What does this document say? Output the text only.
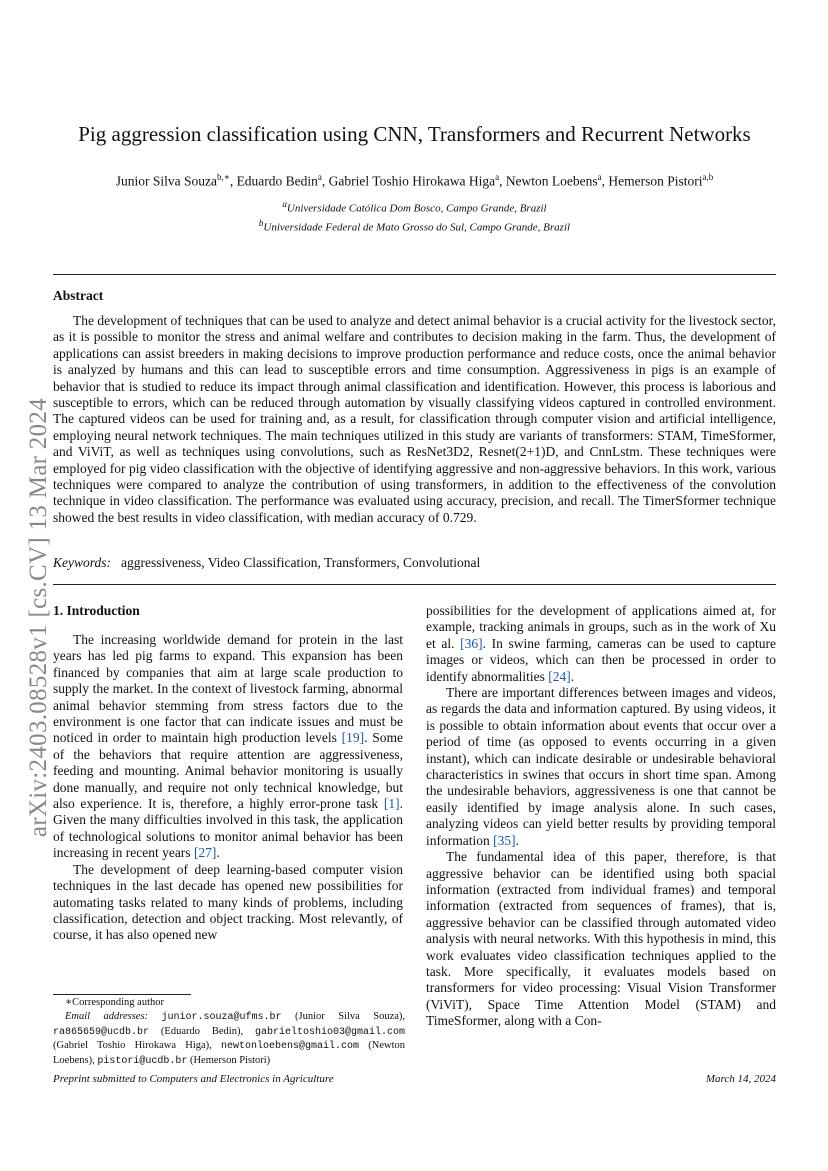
arXiv:2403.08528v1 [cs.CV] 13 Mar 2024
Pig aggression classification using CNN, Transformers and Recurrent Networks
Junior Silva Souza$^{b,∗}$, Eduardo Bedin$^a$, Gabriel Toshio Hirokawa Higa$^a$, Newton Loebens$^a$, Hemerson Pistori$^{a,b}$
$^a$Universidade Católica Dom Bosco, Campo Grande, Brazil
$^b$Universidade Federal de Mato Grosso do Sul, Campo Grande, Brazil
Abstract

The development of techniques that can be used to analyze and detect animal behavior is a crucial activity for the livestock sector, as it is possible to monitor the stress and animal welfare and contributes to decision making in the farm. Thus, the development of applications can assist breeders in making decisions to improve production performance and reduce costs, once the animal behavior is analyzed by humans and this can lead to susceptible errors and time consumption. Aggressiveness in pigs is an example of behavior that is studied to reduce its impact through animal classification and identification. However, this process is laborious and susceptible to errors, which can be reduced through automation by visually classifying videos captured in controlled environment. The captured videos can be used for training and, as a result, for classification through computer vision and artificial intelligence, employing neural network techniques. The main techniques utilized in this study are variants of transformers: STAM, TimeSformer, and ViViT, as well as techniques using convolutions, such as ResNet3D2, Resnet(2+1)D, and CnnLstm. These techniques were employed for pig video classification with the objective of identifying aggressive and non-aggressive behaviors. In this work, various techniques were compared to analyze the contribution of using transformers, in addition to the effectiveness of the convolution technique in video classification. The performance was evaluated using accuracy, precision, and recall. The TimerSformer technique showed the best results in video classification, with median accuracy of 0.729.

Keywords: aggressiveness, Video Classification, Transformers, Convolutional
1. Introduction

The increasing worldwide demand for protein in the last years has led pig farms to expand. This expansion has been financed by companies that aim at large scale production to supply the market. In the context of livestock farming, abnormal animal behavior stemming from stress factors due to the environment is one factor that can indicate issues and must be noticed in order to maintain high production levels [19]. Some of the behaviors that require attention are aggressiveness, feeding and mounting. Animal behavior monitoring is usually done manually, and require not only technical knowledge, but also experience. It is, therefore, a highly error-prone task [1]. Given the many difficulties involved in this task, the application of technological solutions to monitor animal behavior has been increasing in recent years [27].

The development of deep learning-based computer vision techniques in the last decade has opened new possibilities for automating tasks related to many kinds of problems, including classification, detection and object tracking. Most relevantly, of course, it has also opened new

possibilities for the development of applications aimed at, for example, tracking animals in groups, such as in the work of Xu et al. [36]. In swine farming, cameras can be used to capture images or videos, which can then be processed in order to identify abnormalities [24].

There are important differences between images and videos, as regards the data and information captured. By using videos, it is possible to obtain information about events that occur over a period of time (as opposed to events occurring in a given instant), which can indicate desirable or undesirable behavioral characteristics in swines that occurs in short time span. Among the undesirable behaviors, aggressiveness is one that cannot be easily identified by image analysis alone. In such cases, analyzing videos can yield better results by providing temporal information [35].

The fundamental idea of this paper, therefore, is that aggressive behavior can be identified using both spacial information (extracted from individual frames) and temporal information (extracted from sequences of frames), that is, aggressive behavior can be classified through automated video analysis with neural networks. With this hypothesis in mind, this work evaluates video classification techniques applied to the task. More specifically, it evaluates models based on transformers for video processing: Visual Vision Transformer (ViViT), Space Time Attention Model (STAM) and TimeSformer, along with a Con-

∗Corresponding author
Email addresses: junior.souza@ufms.br (Junior Silva Souza), ra865659@ucdb.br (Eduardo Bedin), gabrieltoshio03@gmail.com (Gabriel Toshio Hirokawa Higa), newtonloebens@gmail.com (Newton Loebens), pistori@ucdb.br (Hemerson Pistori)
Preprint submitted to Computers and Electronics in Agriculture	March 14, 2024
